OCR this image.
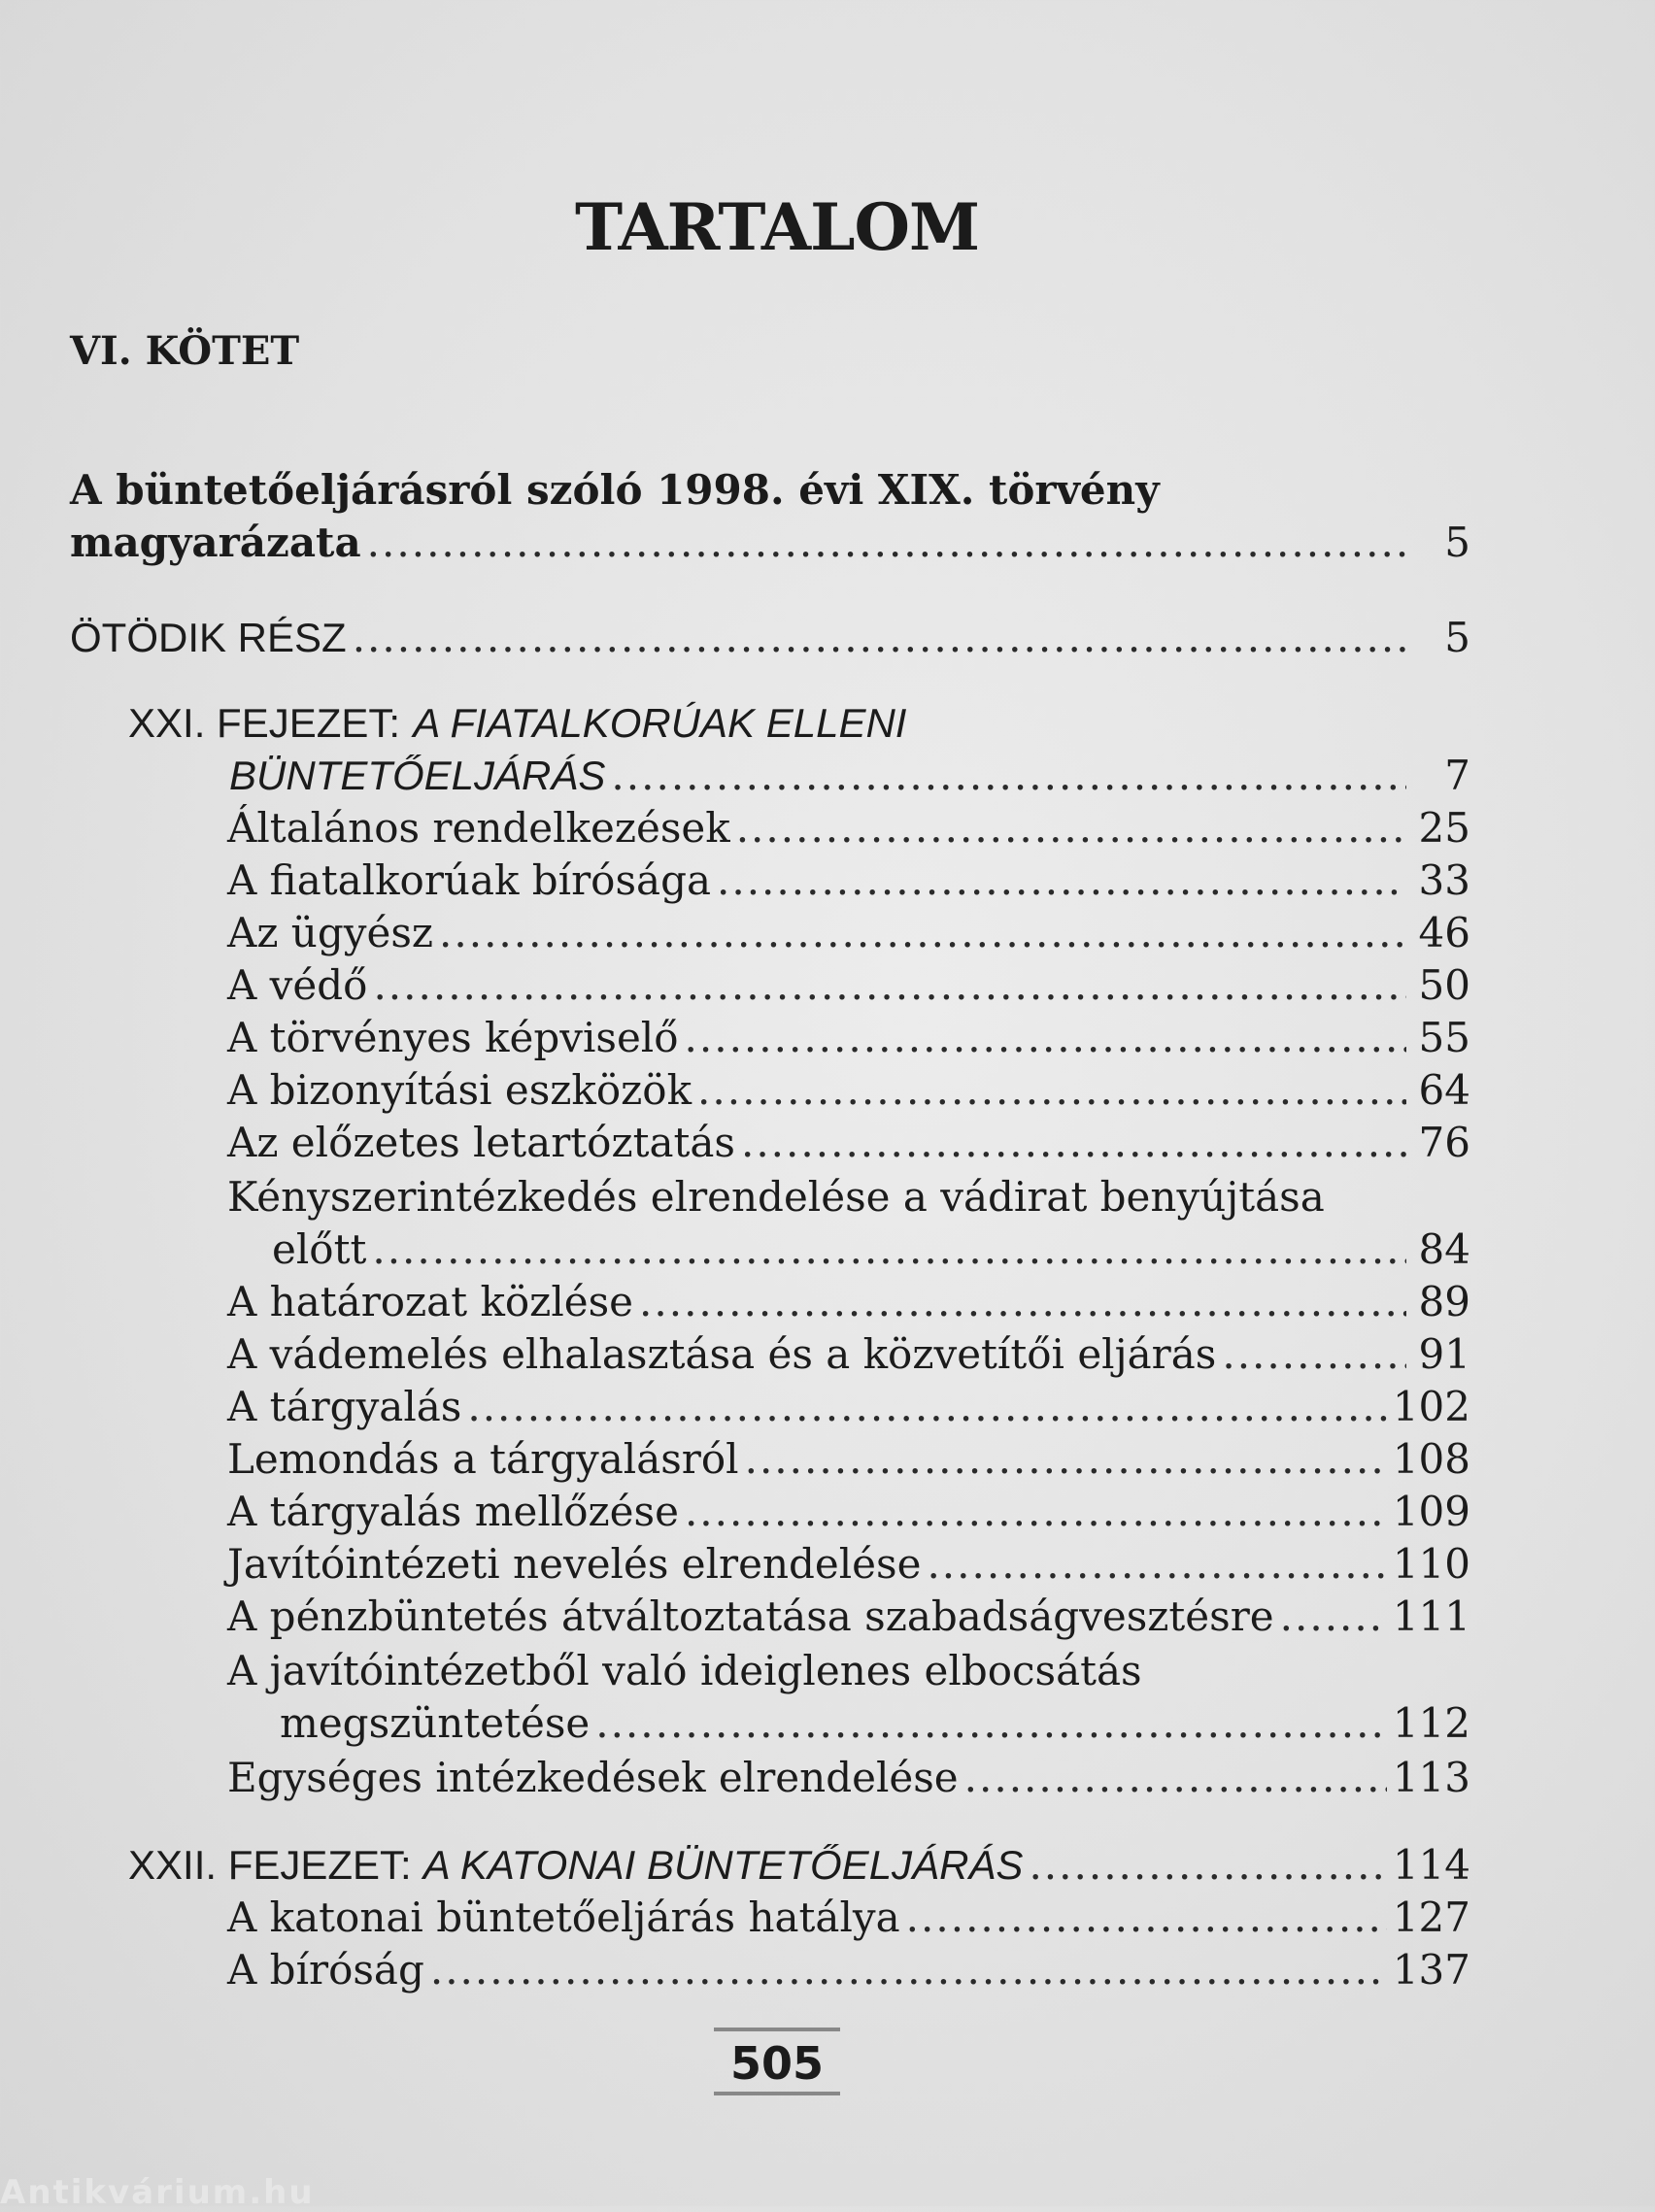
TARTALOM
VI. KÖTET
A büntetőeljárásról szóló 1998. évi XIX. törvény
magyarázata .....	5
ÖTÖDIK RÉSZ .....	5
XXI. FEJEZET: A FIATALKORÚAK ELLENI
BÜNTETŐELJÁRÁS .....	7
Általános rendelkezések .....	25
A fiatalkorúak bírósága .....	33
Az ügyész .....	46
A védő .....	50
A törvényes képviselő .....	55
A bizonyítási eszközök .....	64
Az előzetes letartóztatás .....	76
Kényszerintézkedés elrendelése a vádirat benyújtása
előtt .....	84
A határozat közlése .....	89
A vádemelés elhalasztása és a közvetítői eljárás .....	91
A tárgyalás .....	102
Lemondás a tárgyalásról .....	108
A tárgyalás mellőzése .....	109
Javítóintézeti nevelés elrendelése .....	110
A pénzbüntetés átváltoztatása szabadságvesztésre .....	111
A javítóintézetből való ideiglenes elbocsátás
megszüntetése .....	112
Egységes intézkedések elrendelése .....	113
XXII. FEJEZET: A KATONAI BÜNTETŐELJÁRÁS .....	114
A katonai büntetőeljárás hatálya .....	127
A bíróság .....	137
505
Antikvárium.hu
